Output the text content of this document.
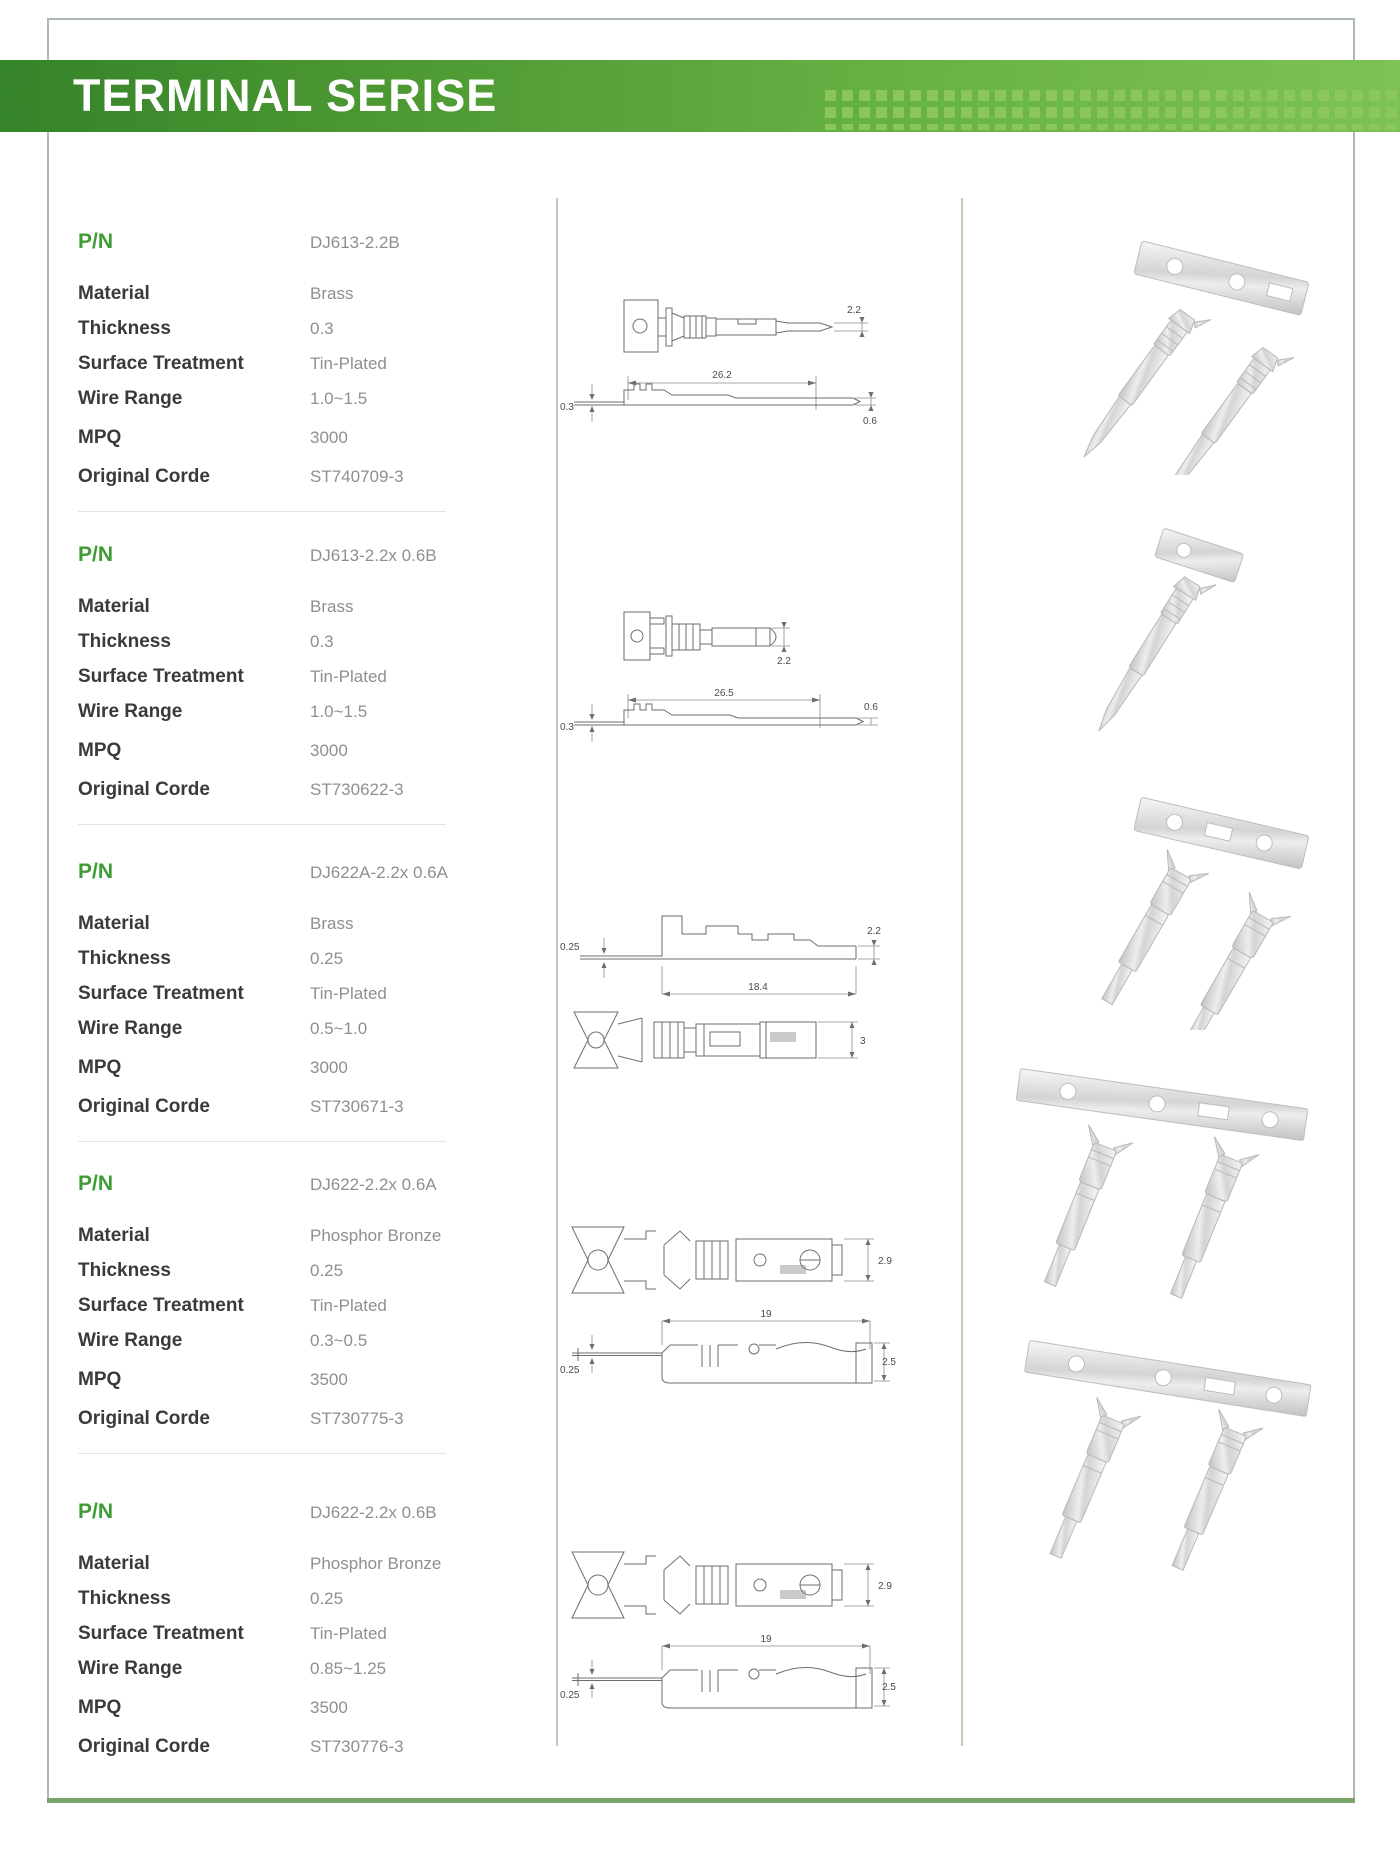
TERMINAL SERISE
P/N	DJ613-2.2B
Material	Brass
Thickness	0.3
Surface Treatment	Tin-Plated
Wire Range	1.0~1.5
MPQ	3000
Original Corde	ST740709-3
P/N	DJ613-2.2x 0.6B
Material	Brass
Thickness	0.3
Surface Treatment	Tin-Plated
Wire Range	1.0~1.5
MPQ	3000
Original Corde	ST730622-3
P/N	DJ622A-2.2x 0.6A
Material	Brass
Thickness	0.25
Surface Treatment	Tin-Plated
Wire Range	0.5~1.0
MPQ	3000
Original Corde	ST730671-3
P/N	DJ622-2.2x 0.6A
Material	Phosphor Bronze
Thickness	0.25
Surface Treatment	Tin-Plated
Wire Range	0.3~0.5
MPQ	3500
Original Corde	ST730775-3
P/N	DJ622-2.2x 0.6B
Material	Phosphor Bronze
Thickness	0.25
Surface Treatment	Tin-Plated
Wire Range	0.85~1.25
MPQ	3500
Original Corde	ST730776-3
2.2
26.2
0.3
0.6
2.2
26.5
0.6
0.3
0.25
2.2
18.4
3
2.9
19
2.5
0.25
2.9
19
2.5
0.25
